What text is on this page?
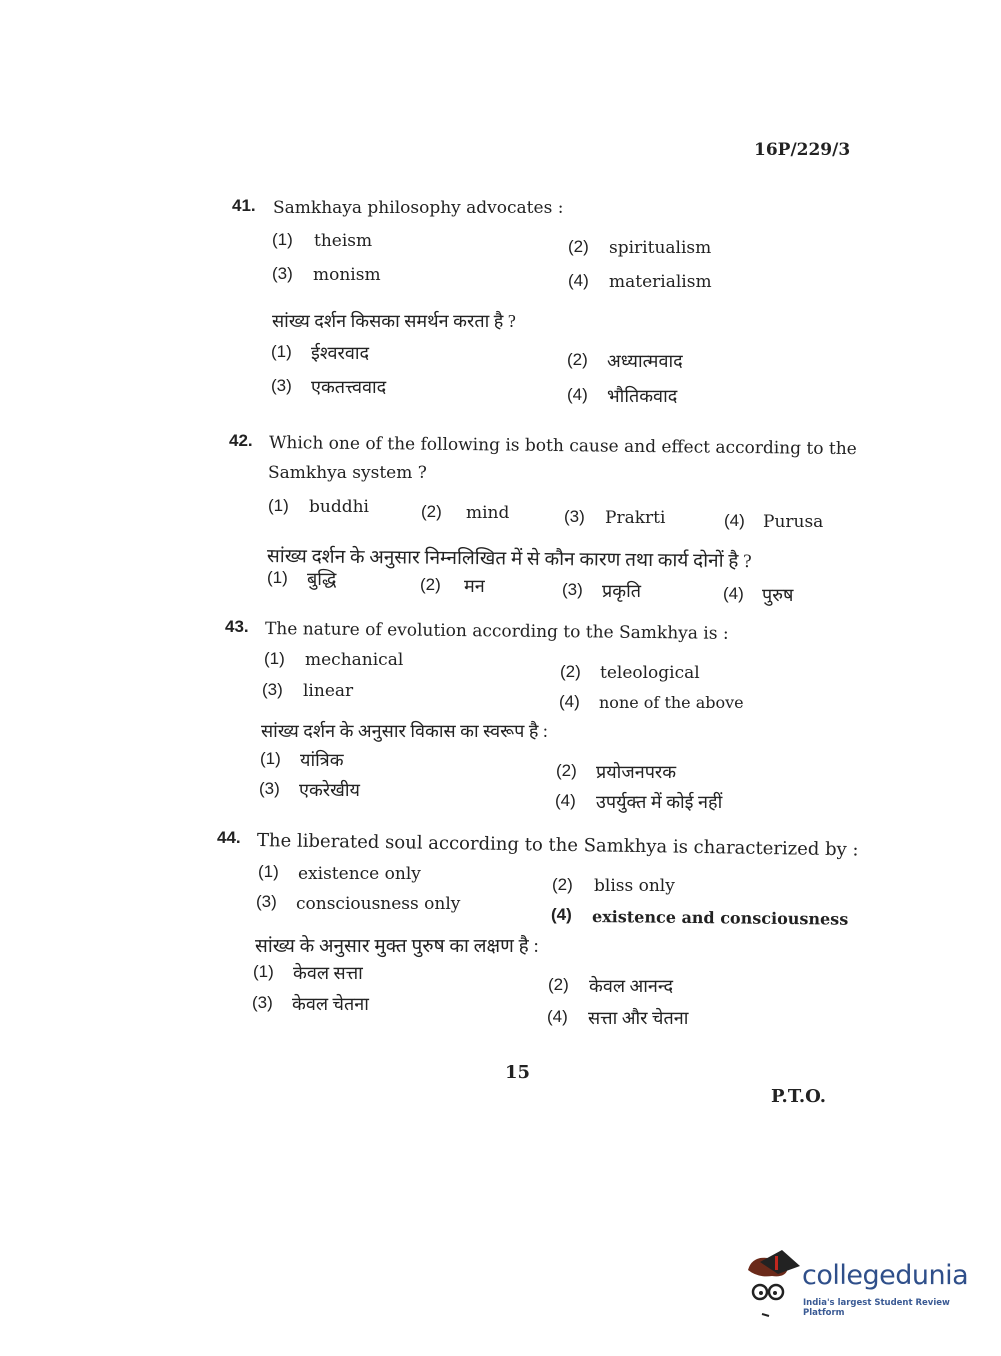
16P/229/3
41. Samkhaya philosophy advocates :
(1) theism	(2) spiritualism
(3) monism	(4) materialism
सांख्य दर्शन किसका समर्थन करता है ?
(1) ईश्वरवाद	(2) अध्यात्मवाद
(3) एकतत्त्ववाद	(4) भौतिकवाद
42. Which one of the following is both cause and effect according to the
Samkhya system ?
(1) buddhi	(2) mind	(3) Prakrti	(4) Purusa
सांख्य दर्शन के अनुसार निम्नलिखित में से कौन कारण तथा कार्य दोनों है ?
(1) बुद्धि	(2) मन	(3) प्रकृति	(4) पुरुष
43. The nature of evolution according to the Samkhya is :
(1) mechanical
(2) teleological
(3) linear
(4) none of the above
सांख्य दर्शन के अनुसार विकास का स्वरूप है :
(1) यांत्रिक
(2) प्रयोजनपरक
(3) एकरेखीय
(4) उपर्युक्त में कोई नहीं
44. The liberated soul according to the Samkhya is characterized by :
(1) existence only
(2) bliss only
(3) consciousness only
(4) existence and consciousness
सांख्य के अनुसार मुक्त पुरुष का लक्षण है :
(1) केवल सत्ता
(2) केवल आनन्द
(3) केवल चेतना
(4) सत्ता और चेतना
15
P.T.O.
collegedunia
India's largest Student Review Platform
